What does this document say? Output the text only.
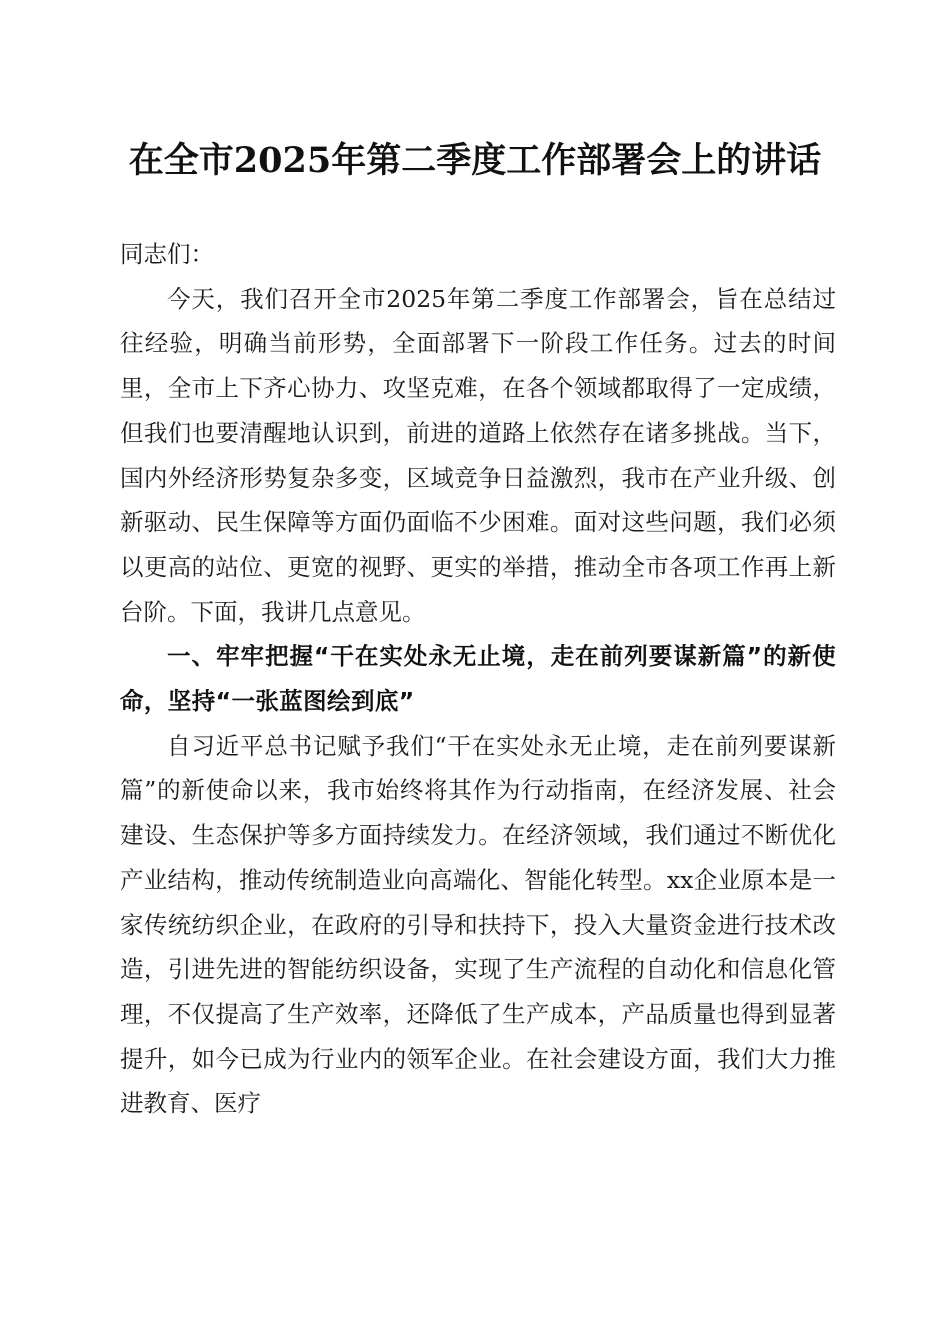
在全市2025年第二季度工作部署会上的讲话

同志们：

今天，我们召开全市2025年第二季度工作部署会，旨在总结过往经验，明确当前形势，全面部署下一阶段工作任务。过去的时间里，全市上下齐心协力、攻坚克难，在各个领域都取得了一定成绩，但我们也要清醒地认识到，前进的道路上依然存在诸多挑战。当下，国内外经济形势复杂多变，区域竞争日益激烈，我市在产业升级、创新驱动、民生保障等方面仍面临不少困难。面对这些问题，我们必须以更高的站位、更宽的视野、更实的举措，推动全市各项工作再上新台阶。下面，我讲几点意见。

一、牢牢把握“干在实处永无止境，走在前列要谋新篇”的新使命，坚持“一张蓝图绘到底”

自习近平总书记赋予我们“干在实处永无止境，走在前列要谋新篇”的新使命以来，我市始终将其作为行动指南，在经济发展、社会建设、生态保护等多方面持续发力。在经济领域，我们通过不断优化产业结构，推动传统制造业向高端化、智能化转型。xx企业原本是一家传统纺织企业，在政府的引导和扶持下，投入大量资金进行技术改造，引进先进的智能纺织设备，实现了生产流程的自动化和信息化管理，不仅提高了生产效率，还降低了生产成本，产品质量也得到显著提升，如今已成为行业内的领军企业。在社会建设方面，我们大力推进教育、医疗
